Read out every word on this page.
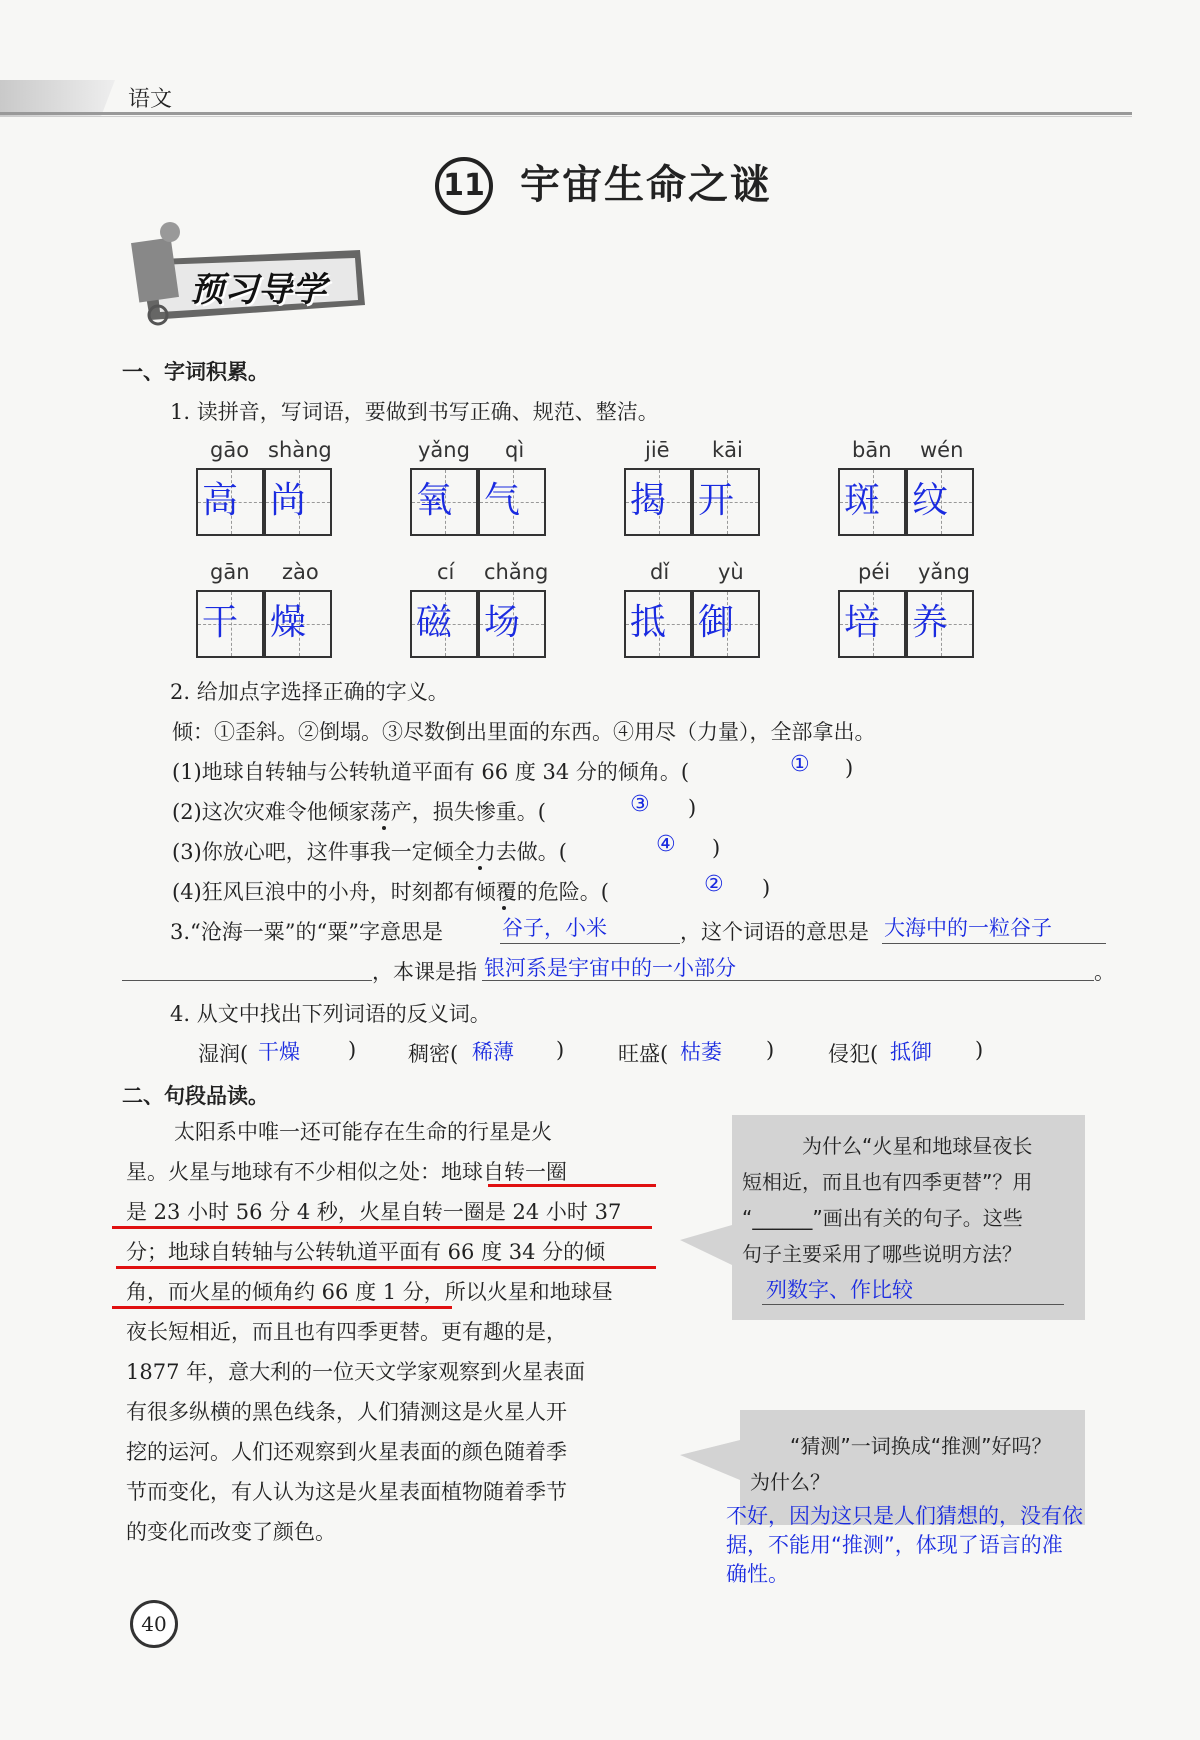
语文
11 宇宙生命之谜
预习导学
一、字词积累。
1. 读拼音，写词语，要做到书写正确、规范、整洁。
gāo shàng
高 尚
yǎng qì
氧 气
jiē kāi
揭 开
bān wén
斑 纹
gān zào
干 燥
cí chǎng
磁 场
dǐ yù
抵 御
péi yǎng
培 养
2. 给加点字选择正确的字义。
倾：①歪斜。②倒塌。③尽数倒出里面的东西。④用尽（力量），全部拿出。
(1)地球自转轴与公转轨道平面有 66 度 34 分的倾角。(	① )
(2)这次灾难令他倾家荡产，损失惨重。(	③ )
(3)你放心吧，这件事我一定倾全力去做。(	④ )
(4)狂风巨浪中的小舟，时刻都有倾覆的危险。(	② )
3.“沧海一粟”的“粟”字意思是	谷子，小米	，这个词语的意思是 大海中的一粒谷子
，本课是指 银河系是宇宙中的一小部分	。
4. 从文中找出下列词语的反义词。
湿润( 干燥 ) 稠密( 稀薄 )	旺盛( 枯萎 )	侵犯( 抵御 )
二、句段品读。
太阳系中唯一还可能存在生命的行星是火
星。火星与地球有不少相似之处：地球自转一圈
是 23 小时 56 分 4 秒，火星自转一圈是 24 小时 37
分；地球自转轴与公转轨道平面有 66 度 34 分的倾
角，而火星的倾角约 66 度 1 分，所以火星和地球昼
夜长短相近，而且也有四季更替。更有趣的是，
1877 年，意大利的一位天文学家观察到火星表面
有很多纵横的黑色线条，人们猜测这是火星人开
挖的运河。人们还观察到火星表面的颜色随着季
节而变化，有人认为这是火星表面植物随着季节
的变化而改变了颜色。
为什么“火星和地球昼夜长
短相近，而且也有四季更替”？用
“______”画出有关的句子。这些
句子主要采用了哪些说明方法？
列数字、作比较
“猜测”一词换成“推测”好吗？
为什么？
不好，因为这只是人们猜想的，没有依
据，不能用“推测”，体现了语言的准
确性。
40
